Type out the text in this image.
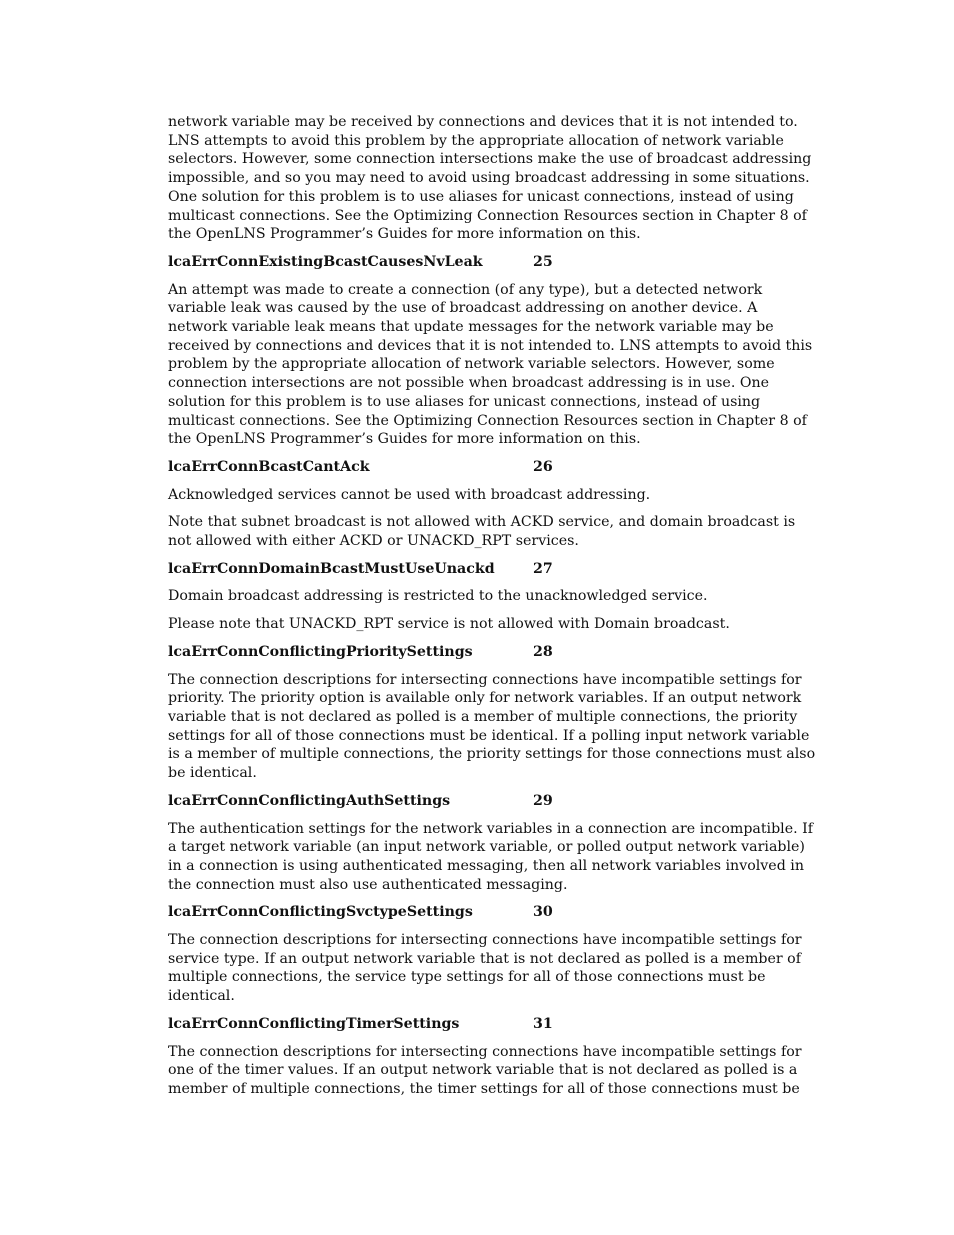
network variable may be received by connections and devices that it is not intended to. LNS attempts to avoid this problem by the appropriate allocation of network variable selectors. However, some connection intersections make the use of broadcast addressing impossible, and so you may need to avoid using broadcast addressing in some situations. One solution for this problem is to use aliases for unicast connections, instead of using multicast connections. See the Optimizing Connection Resources section in Chapter 8 of the OpenLNS Programmer’s Guides for more information on this.

lcaErrConnExistingBcastCausesNvLeak	25

An attempt was made to create a connection (of any type), but a detected network variable leak was caused by the use of broadcast addressing on another device. A network variable leak means that update messages for the network variable may be received by connections and devices that it is not intended to. LNS attempts to avoid this problem by the appropriate allocation of network variable selectors. However, some connection intersections are not possible when broadcast addressing is in use. One solution for this problem is to use aliases for unicast connections, instead of using multicast connections. See the Optimizing Connection Resources section in Chapter 8 of the OpenLNS Programmer’s Guides for more information on this.

lcaErrConnBcastCantAck	26

Acknowledged services cannot be used with broadcast addressing.

Note that subnet broadcast is not allowed with ACKD service, and domain broadcast is not allowed with either ACKD or UNACKD_RPT services.

lcaErrConnDomainBcastMustUseUnackd	27

Domain broadcast addressing is restricted to the unacknowledged service.

Please note that UNACKD_RPT service is not allowed with Domain broadcast.

lcaErrConnConflictingPrioritySettings	28

The connection descriptions for intersecting connections have incompatible settings for priority. The priority option is available only for network variables. If an output network variable that is not declared as polled is a member of multiple connections, the priority settings for all of those connections must be identical. If a polling input network variable is a member of multiple connections, the priority settings for those connections must also be identical.

lcaErrConnConflictingAuthSettings	29

The authentication settings for the network variables in a connection are incompatible. If a target network variable (an input network variable, or polled output network variable) in a connection is using authenticated messaging, then all network variables involved in the connection must also use authenticated messaging.

lcaErrConnConflictingSvctypeSettings	30

The connection descriptions for intersecting connections have incompatible settings for service type. If an output network variable that is not declared as polled is a member of multiple connections, the service type settings for all of those connections must be identical.

lcaErrConnConflictingTimerSettings	31

The connection descriptions for intersecting connections have incompatible settings for one of the timer values. If an output network variable that is not declared as polled is a member of multiple connections, the timer settings for all of those connections must be
